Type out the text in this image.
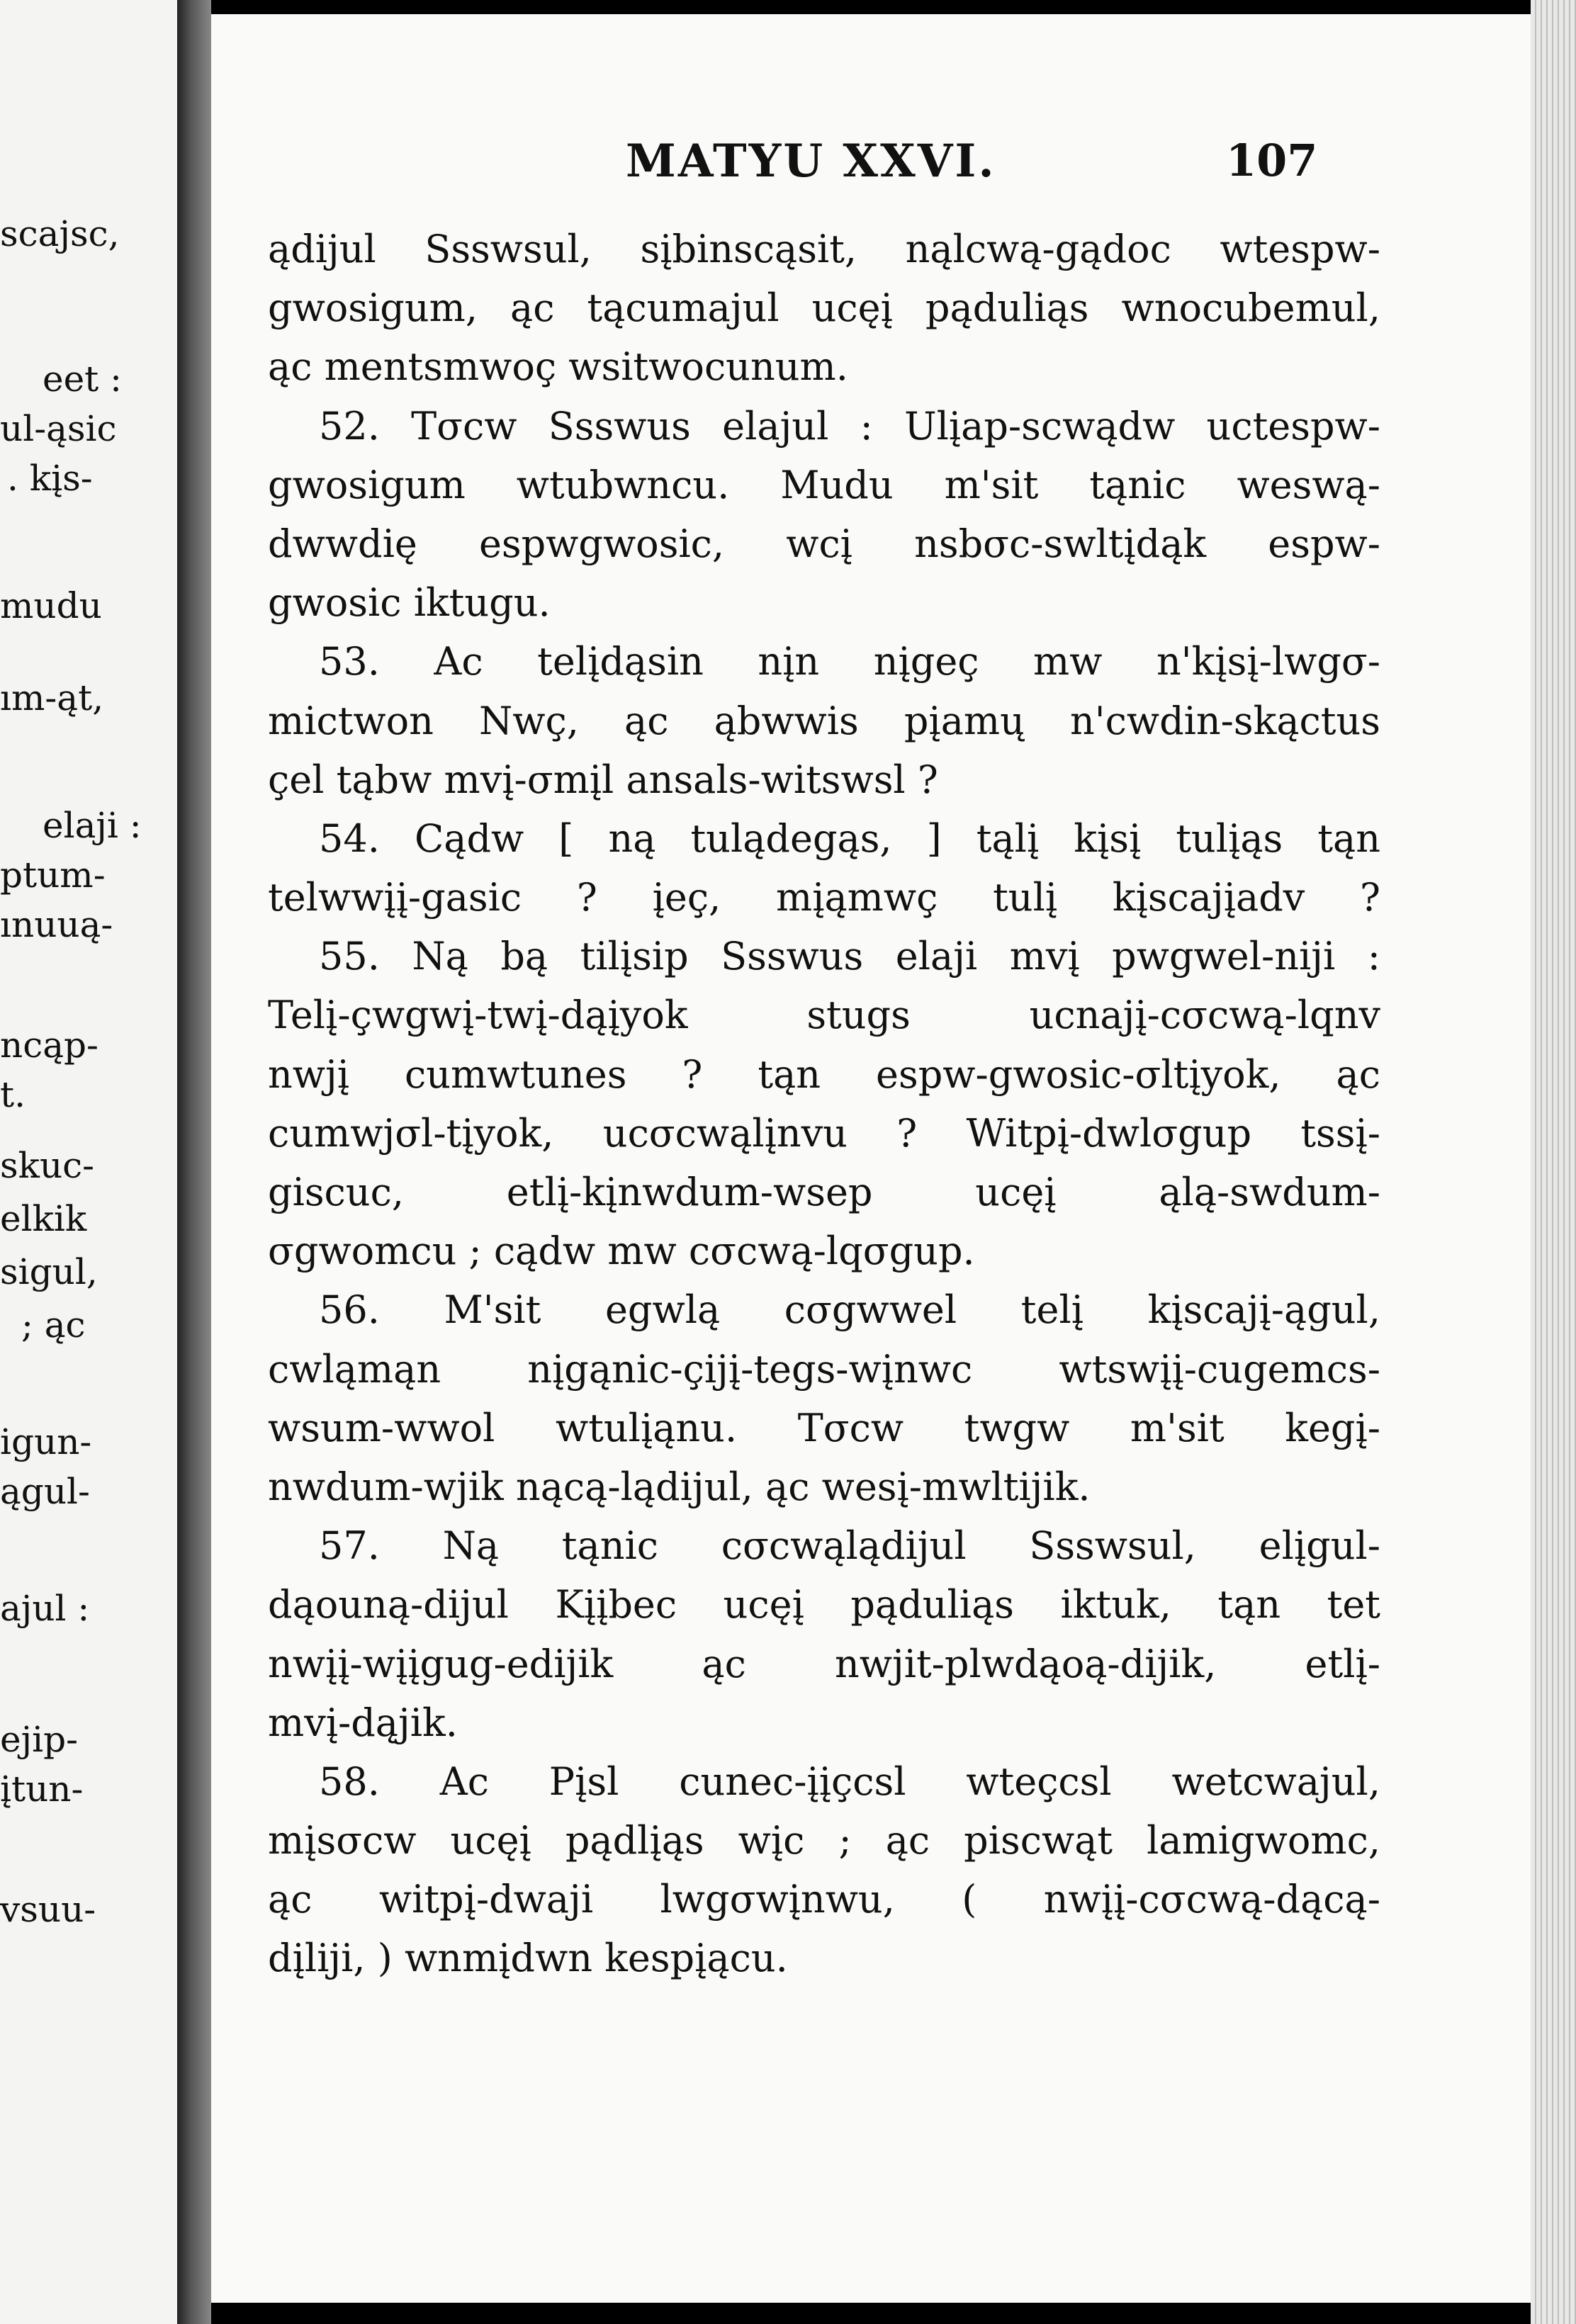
scajsc,
eet :
ul-ąsic
. kįs-
mudu
ım-ąt,
elaji :
ptum-
ınuuą-
ncąp-
t.
skuc-
elkik
sigul,
; ąc
igun-
ągul-
ajul :
ejip-
įtun-
vsuu-
MATYU XXVI.	107
ądijul Ssswsul, sįbinscąsit, nąlcwą-gądoc wtespw-
gwosigum, ąc tącumajul ucęį pąduliąs wnocubemul,
ąc mentsmwoç wsitwocunum.
52. Tσcw Ssswus elajul : Ulįap-scwądw uctespw-
gwosigum wtubwncu. Mudu m'sit tąnic weswą-
dwwdię espwgwosic, wcį nsbσc-swltįdąk espw-
gwosic iktugu.
53. Ac telįdąsin nįn nįgeç mw n'kįsį-lwgσ-
mictwon Nwç, ąc ąbwwis pįamų n'cwdin-skąctus
çel tąbw mvį-σmįl ansals-witswsl ?
54. Cądw [ ną tulądegąs, ] tąlį kįsį tulįąs tąn
telwwįį-gasic ? įeç, mįąmwç tulį kįscajįadv ?
55. Ną bą tilįsip Ssswus elaji mvį pwgwel-niji :
Telį-çwgwį-twį-dąįyok stugs ucnajį-cσcwą-lqnv
nwjį cumwtunes ? tąn espw-gwosic-σltįyok, ąc
cumwjσl-tįyok, ucσcwąlįnvu ? Witpį-dwlσgup tssį-
giscuc, etlį-kįnwdum-wsep ucęį ąlą-swdum-
σgwomcu ; cądw mw cσcwą-lqσgup.
56. M'sit egwlą cσgwwel telį kįscajį-ągul,
cwląmąn nįgąnic-çijį-tegs-wįnwc wtswįį-cugemcs-
wsum-wwol wtulįąnu. Tσcw twgw m'sit kegį-
nwdum-wjik nącą-lądijul, ąc wesį-mwltijik.
57. Ną tąnic cσcwąlądijul Ssswsul, elįgul-
dąouną-dijul Kįįbec ucęį pąduliąs iktuk, tąn tet
nwįį-wįįgug-edijik ąc nwjit-plwdąoą-dijik, etlį-
mvį-dąjik.
58. Ac Pįsl cunec-įįçcsl wteçcsl wetcwajul,
mįsσcw ucęį pądlįąs wįc ; ąc piscwąt lamigwomc,
ąc witpį-dwaji lwgσwįnwu, ( nwįį-cσcwą-dącą-
dįliji, ) wnmįdwn kespįącu.
